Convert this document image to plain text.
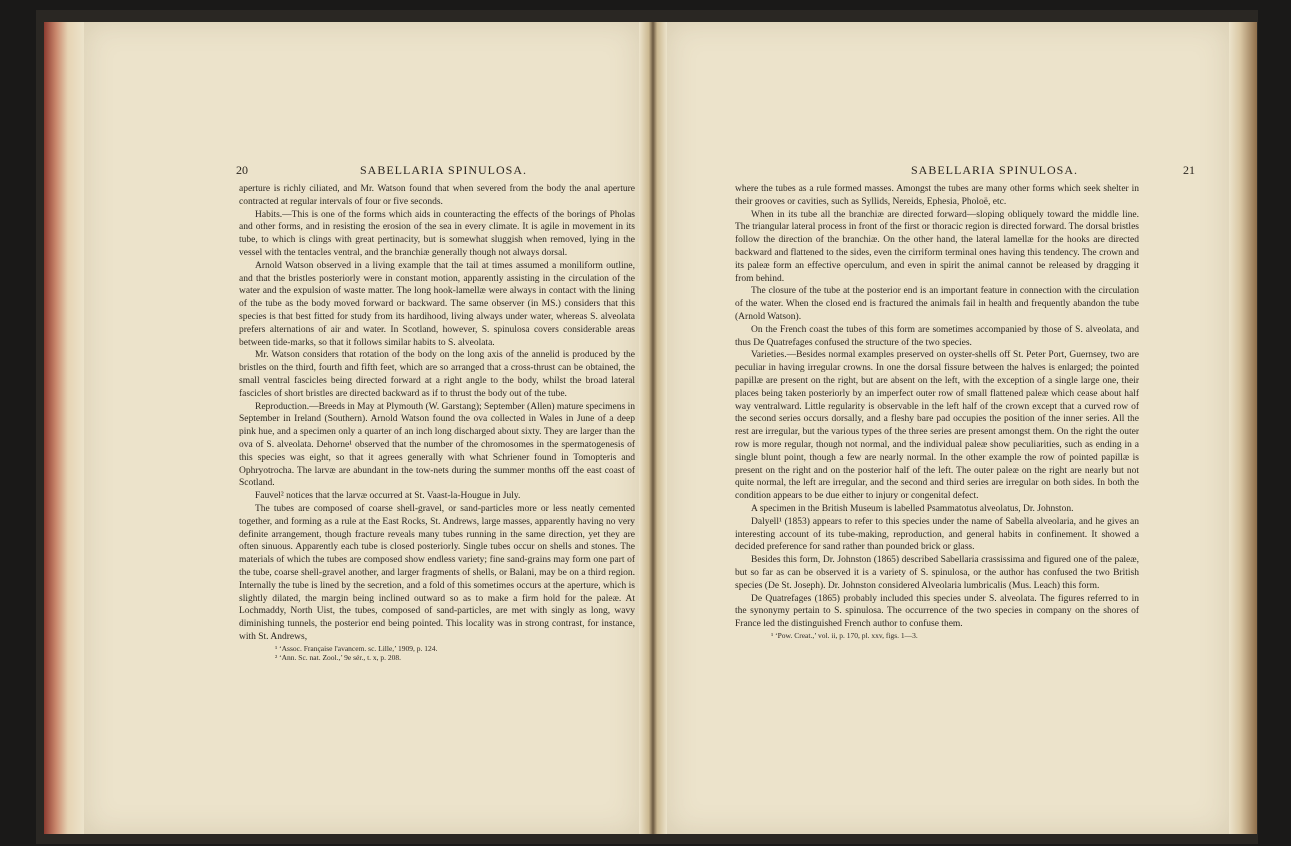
20	SABELLARIA SPINULOSA.

aperture is richly ciliated, and Mr. Watson found that when severed from the body the anal aperture contracted at regular intervals of four or five seconds.

Habits.—This is one of the forms which aids in counteracting the effects of the borings of Pholas and other forms, and in resisting the erosion of the sea in every climate. It is agile in movement in its tube, to which is clings with great pertinacity, but is somewhat sluggish when removed, lying in the vessel with the tentacles ventral, and the branchiæ generally though not always dorsal.

Arnold Watson observed in a living example that the tail at times assumed a moniliform outline, and that the bristles posteriorly were in constant motion, apparently assisting in the circulation of the water and the expulsion of waste matter. The long hook-lamellæ were always in contact with the lining of the tube as the body moved forward or backward. The same observer (in MS.) considers that this species is that best fitted for study from its hardihood, living always under water, whereas S. alveolata prefers alternations of air and water. In Scotland, however, S. spinulosa covers considerable areas between tide-marks, so that it follows similar habits to S. alveolata.

Mr. Watson considers that rotation of the body on the long axis of the annelid is produced by the bristles on the third, fourth and fifth feet, which are so arranged that a cross-thrust can be obtained, the small ventral fascicles being directed forward at a right angle to the body, whilst the broad lateral fascicles of short bristles are directed backward as if to thrust the body out of the tube.

Reproduction.—Breeds in May at Plymouth (W. Garstang); September (Allen) mature specimens in September in Ireland (Southern). Arnold Watson found the ova collected in Wales in June of a deep pink hue, and a specimen only a quarter of an inch long discharged about sixty. They are larger than the ova of S. alveolata. Dehorne¹ observed that the number of the chromosomes in the spermatogenesis of this species was eight, so that it agrees generally with what Schriener found in Tomopteris and Ophryotrocha. The larvæ are abundant in the tow-nets during the summer months off the east coast of Scotland.

Fauvel² notices that the larvæ occurred at St. Vaast-la-Hougue in July.

The tubes are composed of coarse shell-gravel, or sand-particles more or less neatly cemented together, and forming as a rule at the East Rocks, St. Andrews, large masses, apparently having no very definite arrangement, though fracture reveals many tubes running in the same direction, yet they are often sinuous. Apparently each tube is closed posteriorly. Single tubes occur on shells and stones. The materials of which the tubes are composed show endless variety; fine sand-grains may form one part of the tube, coarse shell-gravel another, and larger fragments of shells, or Balani, may be on a third region. Internally the tube is lined by the secretion, and a fold of this sometimes occurs at the aperture, which is slightly dilated, the margin being inclined outward so as to make a firm hold for the paleæ. At Lochmaddy, North Uist, the tubes, composed of sand-particles, are met with singly as long, wavy diminishing tunnels, the posterior end being pointed. This locality was in strong contrast, for instance, with St. Andrews,

¹ ‘Assoc. Française l'avancem. sc. Lille,’ 1909, p. 124.

² ‘Ann. Sc. nat. Zool.,’ 9e sér., t. x, p. 208.

SABELLARIA SPINULOSA.	21

where the tubes as a rule formed masses. Amongst the tubes are many other forms which seek shelter in their grooves or cavities, such as Syllids, Nereids, Ephesia, Pholoë, etc.

When in its tube all the branchiæ are directed forward—sloping obliquely toward the middle line. The triangular lateral process in front of the first or thoracic region is directed forward. The dorsal bristles follow the direction of the branchiæ. On the other hand, the lateral lamellæ for the hooks are directed backward and flattened to the sides, even the cirriform terminal ones having this tendency. The crown and its paleæ form an effective operculum, and even in spirit the animal cannot be released by dragging it from behind.

The closure of the tube at the posterior end is an important feature in connection with the circulation of the water. When the closed end is fractured the animals fail in health and frequently abandon the tube (Arnold Watson).

On the French coast the tubes of this form are sometimes accompanied by those of S. alveolata, and thus De Quatrefages confused the structure of the two species.

Varieties.—Besides normal examples preserved on oyster-shells off St. Peter Port, Guernsey, two are peculiar in having irregular crowns. In one the dorsal fissure between the halves is enlarged; the pointed papillæ are present on the right, but are absent on the left, with the exception of a single large one, their places being taken posteriorly by an imperfect outer row of small flattened paleæ which cease about half way ventralward. Little regularity is observable in the left half of the crown except that a curved row of the second series occurs dorsally, and a fleshy bare pad occupies the position of the inner series. All the rest are irregular, but the various types of the three series are present amongst them. On the right the outer row is more regular, though not normal, and the individual paleæ show peculiarities, such as ending in a single blunt point, though a few are nearly normal. In the other example the row of pointed papillæ is present on the right and on the posterior half of the left. The outer paleæ on the right are nearly but not quite normal, the left are irregular, and the second and third series are irregular on both sides. In both the condition appears to be due either to injury or congenital defect.

A specimen in the British Museum is labelled Psammatotus alveolatus, Dr. Johnston.

Dalyell¹ (1853) appears to refer to this species under the name of Sabella alveolaria, and he gives an interesting account of its tube-making, reproduction, and general habits in confinement. It showed a decided preference for sand rather than pounded brick or glass.

Besides this form, Dr. Johnston (1865) described Sabellaria crassissima and figured one of the paleæ, but so far as can be observed it is a variety of S. spinulosa, or the author has confused the two British species (De St. Joseph). Dr. Johnston considered Alveolaria lumbricalis (Mus. Leach) this form.

De Quatrefages (1865) probably included this species under S. alveolata. The figures referred to in the synonymy pertain to S. spinulosa. The occurrence of the two species in company on the shores of France led the distinguished French author to confuse them.

¹ ‘Pow. Creat.,’ vol. ii, p. 170, pl. xxv, figs. 1—3.
